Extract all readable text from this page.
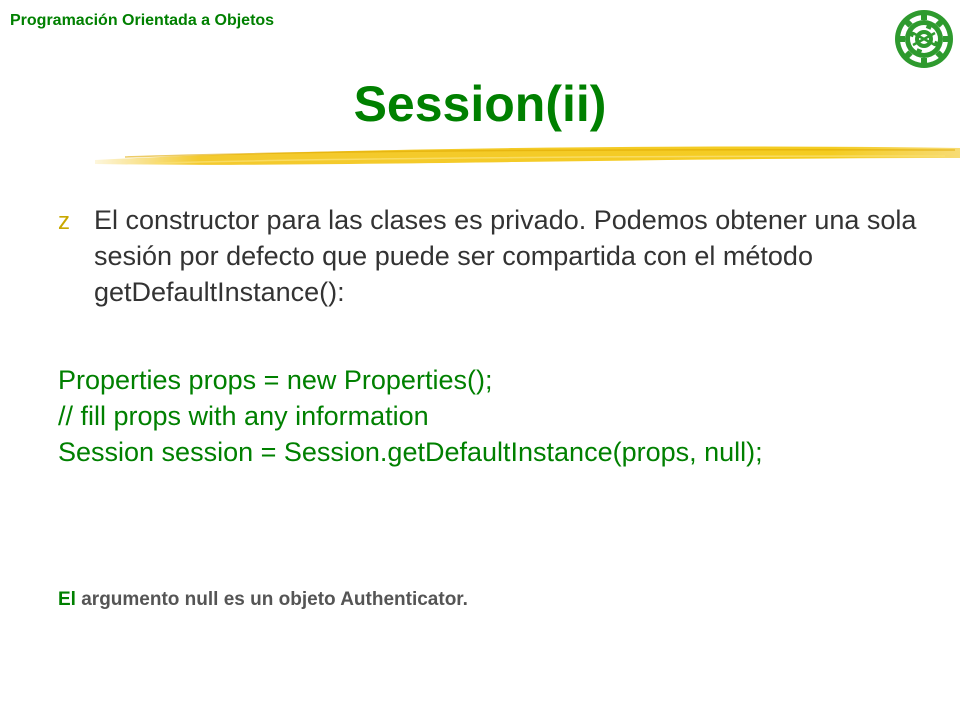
Programación Orientada a Objetos
Session(ii)
z El constructor para las clases es privado. Podemos obtener una sola sesión por defecto que puede ser compartida con el método getDefaultInstance():
Properties props = new Properties();
// fill props with any information
Session session = Session.getDefaultInstance(props, null);
El argumento null es un objeto Authenticator.
